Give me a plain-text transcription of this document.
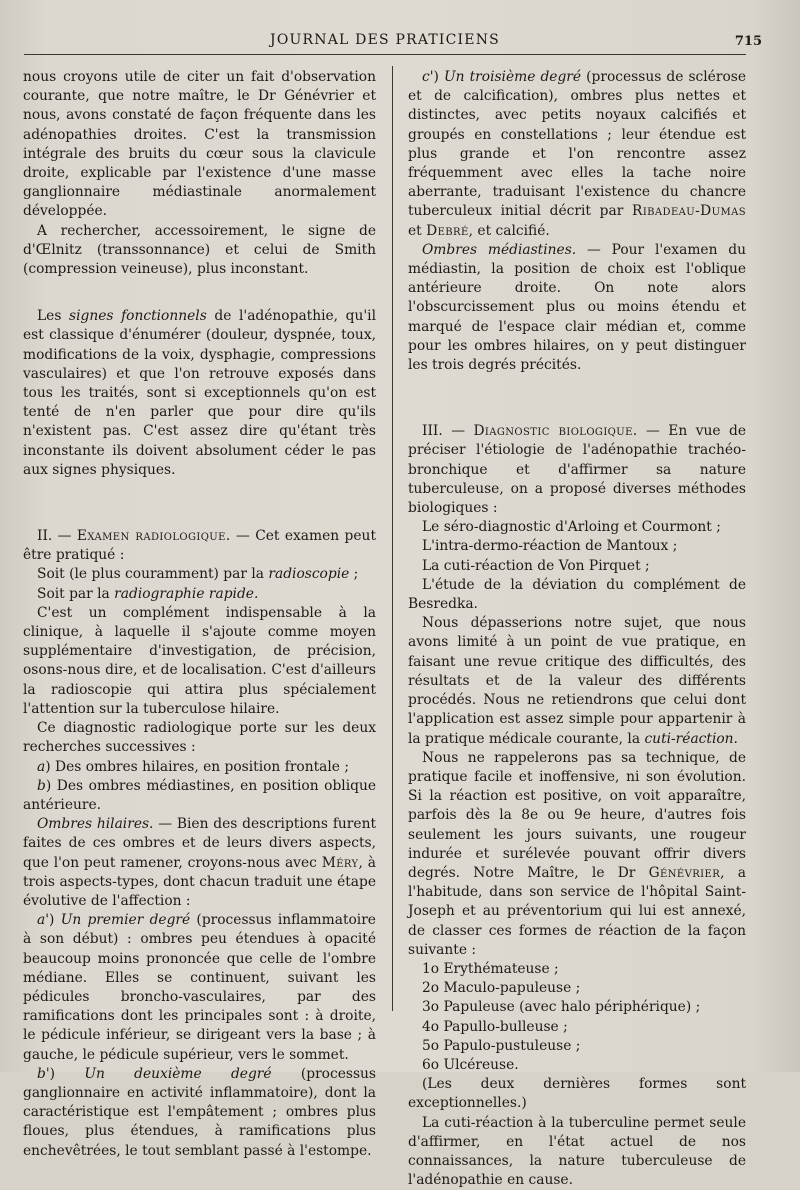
JOURNAL DES PRATICIENS	715

nous croyons utile de citer un fait d'observation courante, que notre maître, le Dr Génévrier et nous, avons constaté de façon fréquente dans les adénopathies droites. C'est la transmission intégrale des bruits du cœur sous la clavicule droite, explicable par l'existence d'une masse ganglionnaire médiastinale anormalement développée.

A rechercher, accessoirement, le signe de d'Œlnitz (transsonnance) et celui de Smith (compression veineuse), plus inconstant.

Les signes fonctionnels de l'adénopathie, qu'il est classique d'énumérer (douleur, dyspnée, toux, modifications de la voix, dysphagie, compressions vasculaires) et que l'on retrouve exposés dans tous les traités, sont si exceptionnels qu'on est tenté de n'en parler que pour dire qu'ils n'existent pas. C'est assez dire qu'étant très inconstante ils doivent absolument céder le pas aux signes physiques.

II. — Examen radiologique. — Cet examen peut être pratiqué :

Soit (le plus couramment) par la radioscopie ;

Soit par la radiographie rapide.

C'est un complément indispensable à la clinique, à laquelle il s'ajoute comme moyen supplémentaire d'investigation, de précision, osons-nous dire, et de localisation. C'est d'ailleurs la radioscopie qui attira plus spécialement l'attention sur la tuberculose hilaire.

Ce diagnostic radiologique porte sur les deux recherches successives :

a) Des ombres hilaires, en position frontale ;

b) Des ombres médiastines, en position oblique antérieure.

Ombres hilaires. — Bien des descriptions furent faites de ces ombres et de leurs divers aspects, que l'on peut ramener, croyons-nous avec Méry, à trois aspects-types, dont chacun traduit une étape évolutive de l'affection :

a') Un premier degré (processus inflammatoire à son début) : ombres peu étendues à opacité beaucoup moins prononcée que celle de l'ombre médiane. Elles se continuent, suivant les pédicules broncho-vasculaires, par des ramifications dont les principales sont : à droite, le pédicule inférieur, se dirigeant vers la base ; à gauche, le pédicule supérieur, vers le sommet.

b') Un deuxième degré (processus ganglionnaire en activité inflammatoire), dont la caractéristique est l'empâtement ; ombres plus floues, plus étendues, à ramifications plus enchevêtrées, le tout semblant passé à l'estompe.

c') Un troisième degré (processus de sclérose et de calcification), ombres plus nettes et distinctes, avec petits noyaux calcifiés et groupés en constellations ; leur étendue est plus grande et l'on rencontre assez fréquemment avec elles la tache noire aberrante, traduisant l'existence du chancre tuberculeux initial décrit par Ribadeau-Dumas et Debré, et calcifié.

Ombres médiastines. — Pour l'examen du médiastin, la position de choix est l'oblique antérieure droite. On note alors l'obscurcissement plus ou moins étendu et marqué de l'espace clair médian et, comme pour les ombres hilaires, on y peut distinguer les trois degrés précités.

III. — Diagnostic biologique. — En vue de préciser l'étiologie de l'adénopathie trachéo-bronchique et d'affirmer sa nature tuberculeuse, on a proposé diverses méthodes biologiques :

Le séro-diagnostic d'Arloing et Courmont ;

L'intra-dermo-réaction de Mantoux ;

La cuti-réaction de Von Pirquet ;

L'étude de la déviation du complément de Besredka.

Nous dépasserions notre sujet, que nous avons limité à un point de vue pratique, en faisant une revue critique des difficultés, des résultats et de la valeur des différents procédés. Nous ne retiendrons que celui dont l'application est assez simple pour appartenir à la pratique médicale courante, la cuti-réaction.

Nous ne rappelerons pas sa technique, de pratique facile et inoffensive, ni son évolution. Si la réaction est positive, on voit apparaître, parfois dès la 8e ou 9e heure, d'autres fois seulement les jours suivants, une rougeur indurée et surélevée pouvant offrir divers degrés. Notre Maître, le Dr Génévrier, a l'habitude, dans son service de l'hôpital Saint-Joseph et au préventorium qui lui est annexé, de classer ces formes de réaction de la façon suivante :

1o Erythémateuse ;

2o Maculo-papuleuse ;

3o Papuleuse (avec halo périphérique) ;

4o Papullo-bulleuse ;

5o Papulo-pustuleuse ;

6o Ulcéreuse.

(Les deux dernières formes sont exceptionnelles.)

La cuti-réaction à la tuberculine permet seule d'affirmer, en l'état actuel de nos connaissances, la nature tuberculeuse de l'adénopathie en cause.
